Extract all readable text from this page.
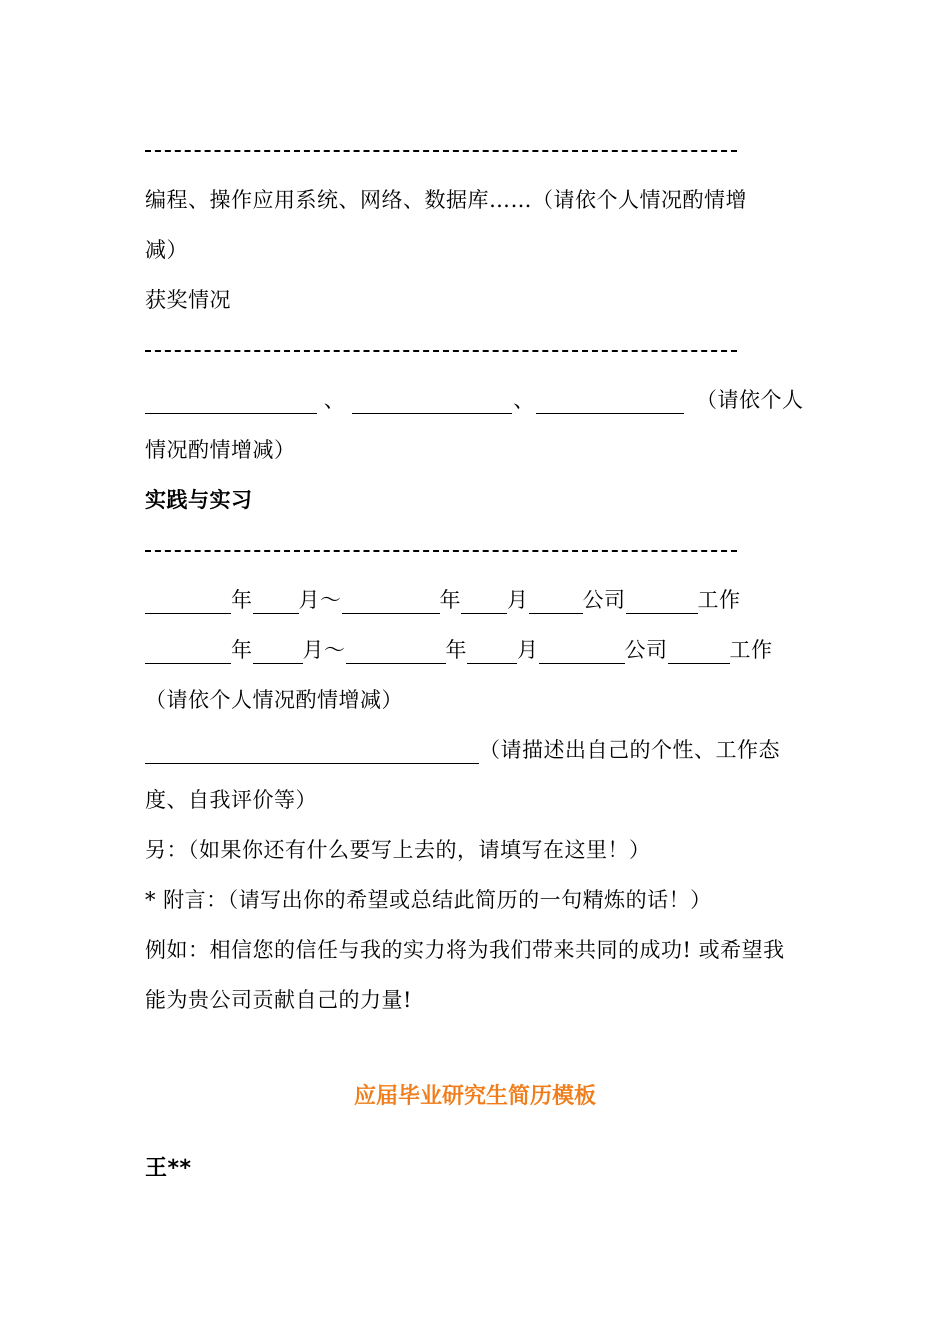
编程、操作应用系统、网络、数据库……（请依个人情况酌情增
减）
获奖情况
、	、	（请依个人
情况酌情增减）
实践与实习
年 月～	年 月	公司	工作
年 月～	年 月	公司	工作
（请依个人情况酌情增减）
（请描述出自己的个性、工作态
度、自我评价等）
另：（如果你还有什么要写上去的，请填写在这里！）
* 附言：（请写出你的希望或总结此简历的一句精炼的话！）
例如：相信您的信任与我的实力将为我们带来共同的成功! 或希望我
能为贵公司贡献自己的力量!
应届毕业研究生简历模板
王**
